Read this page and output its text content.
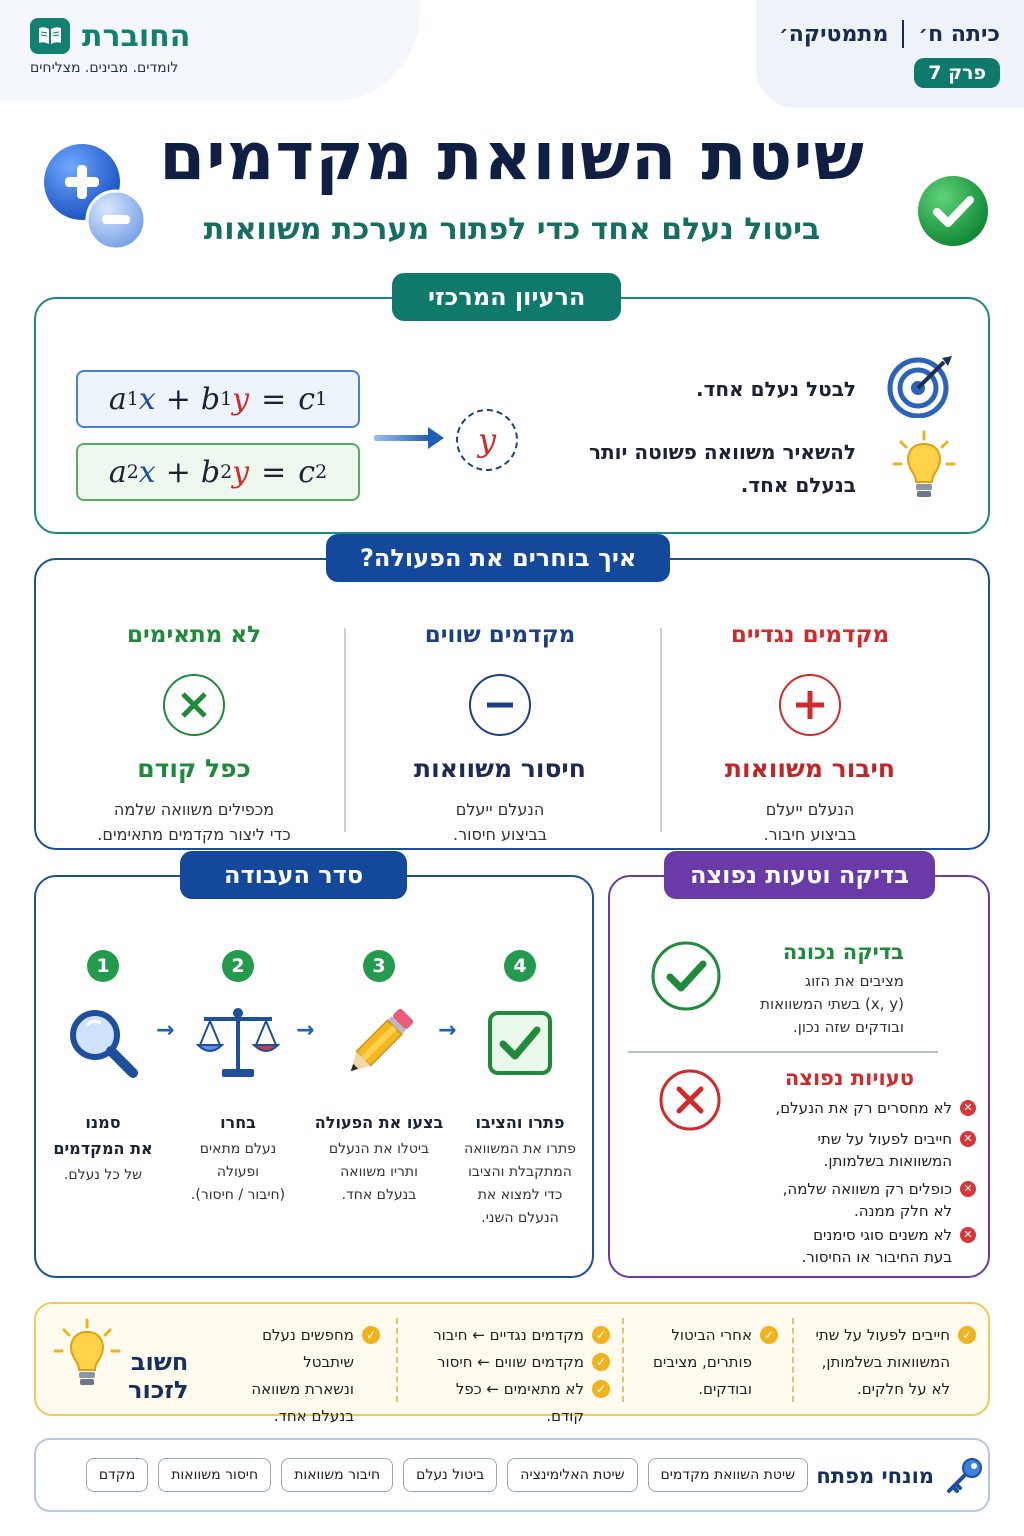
כיתה ח׳
מתמטיקה׳
פרק 7
החוברת
לומדים. מבינים. מצליחים
שיטת השוואת מקדמים
ביטול נעלם אחד כדי לפתור מערכת משוואות
הרעיון המרכזי
a 1 x + b 1 y = c 1
a 2 x + b 2 y = c 2
y
לבטל נעלם אחד.
להשאיר משוואה פשוטה יותר
בנעלם אחד.
איך בוחרים את הפעולה?
מקדמים נגדיים
חיבור משוואות
הנעלם ייעלם
בביצוע חיבור.
מקדמים שווים
חיסור משוואות
הנעלם ייעלם
בביצוע חיסור.
לא מתאימים
כפל קודם
מכפילים משוואה שלמה
כדי ליצור מקדמים מתאימים.
סדר העבודה
1
סמנו
את המקדמים
של כל נעלם.
→
2
בחרו
נעלם מתאים
ופעולה
(חיבור / חיסור).
→
3
בצעו את הפעולה
ביטלו את הנעלם
ותריו משוואה
בנעלם אחד.
→
4
פתרו והציבו
פתרו את המשוואה
המתקבלת והציבו
כדי למצוא את
הנעלם השני.
בדיקה וטעות נפוצה
בדיקה נכונה
מציבים את הזוג
(x, y) בשתי המשוואות
ובודקים שזה נכון.
טעויות נפוצה
✕
לא מחסרים רק את הנעלם,
✕
חייבים לפעול על שתי
המשוואות בשלמותן.
✕
כופלים רק משוואה שלמה,
לא חלק ממנה.
✕
לא משנים סוגי סימנים
בעת החיבור או החיסור.
חשוב
לזכור
✓
חייבים לפעול על שתי
המשוואות בשלמותן,
לא על חלקים.
✓
אחרי הביטול
פותרים, מציבים
ובודקים.
✓
מקדמים נגדיים ← חיבור
✓
מקדמים שווים ← חיסור
✓
לא מתאימים ← כפל קודם.
✓
מחפשים נעלם שיתבטל
ונשארת משוואה
בנעלם אחד.
מונחי מפתח
שיטת השוואת מקדמים
שיטת האלימינציה
ביטול נעלם
חיבור משוואות
חיסור משוואות
מקדם
